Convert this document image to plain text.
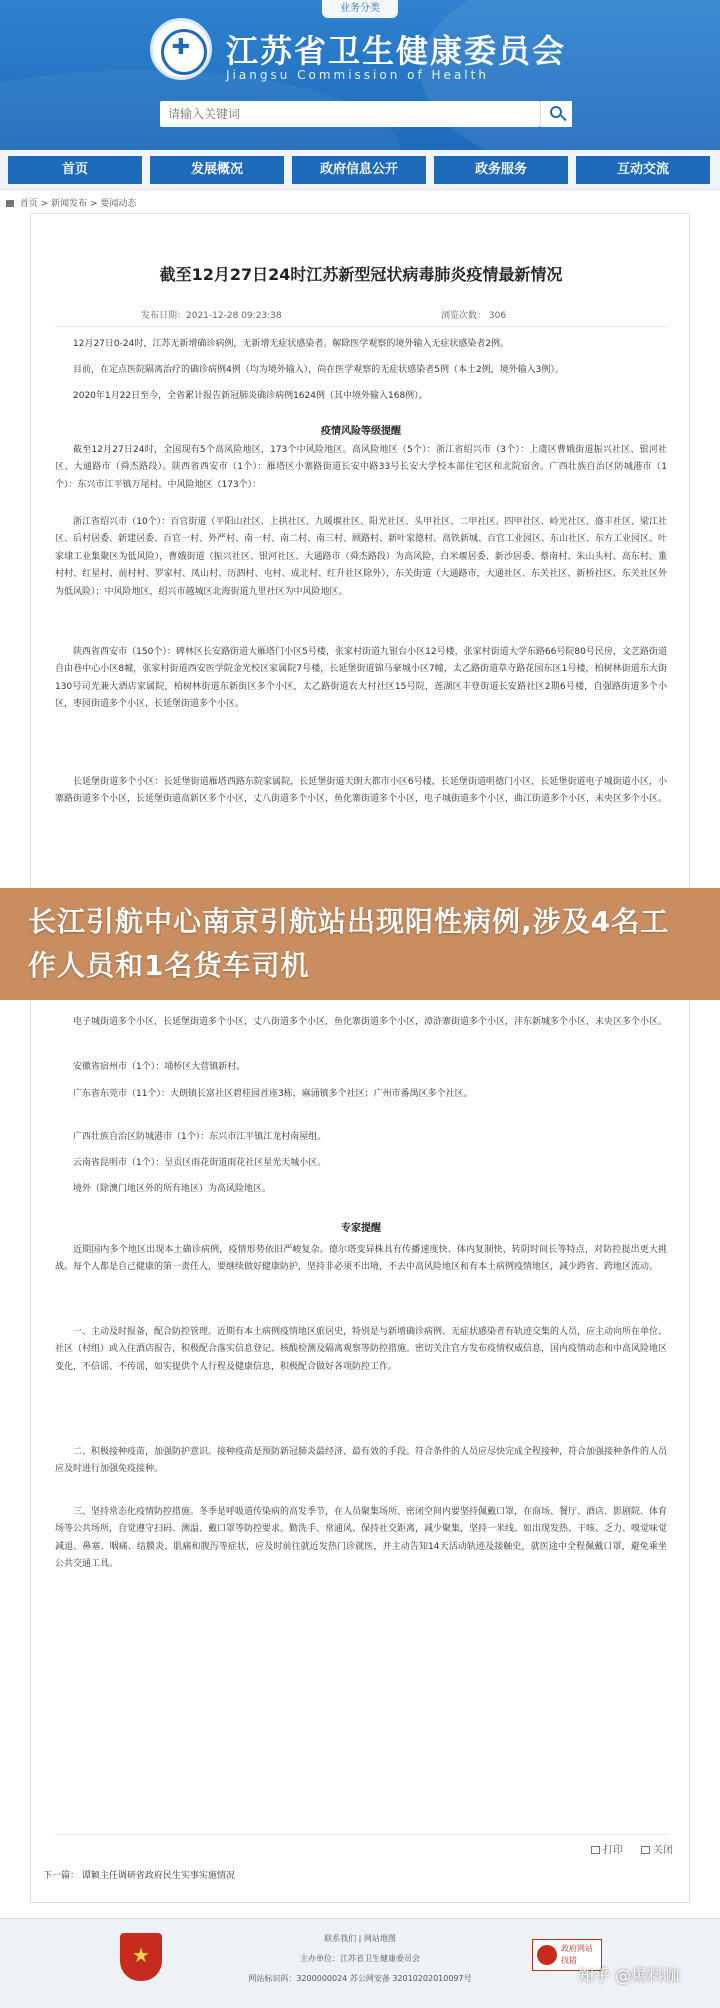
业务分类
✚
江苏省卫生健康委员会
Jiangsu Commission of Health
请输入关键词
首页	发展概况	政府信息公开	政务服务	互动交流
首页 > 新闻发布 > 要闻动态
截至12月27日24时江苏新型冠状病毒肺炎疫情最新情况
发布日期：2021-12-28 09:23:38	浏览次数： 306
12月27日0-24时，江苏无新增确诊病例，无新增无症状感染者。解除医学观察的境外输入无症状感染者2例。
目前，在定点医院隔离治疗的确诊病例4例（均为境外输入），尚在医学观察的无症状感染者5例（本土2例，境外输入3例）。
2020年1月22日至今，全省累计报告新冠肺炎确诊病例1624例（其中境外输入168例）。
疫情风险等级提醒
截至12月27日24时，全国现有5个高风险地区，173个中风险地区。高风险地区（5个）：浙江省绍兴市（3个）：上虞区曹娥街道振兴社区、银河社区、大通路市（舜杰路段）。陕西省西安市（1个）：雁塔区小寨路街道长安中路33号长安大学校本部住宅区和北院宿舍。广西壮族自治区防城港市（1个）：东兴市江平镇万尾村。中风险地区（173个）：
浙江省绍兴市（10个）：百官街道（平阳山社区、上拱社区、九暖堰社区、阳光社区、头甲社区、二甲社区、四甲社区、岭光社区、盛丰社区、梁江社区、后村居委、新建居委、百官一村、外严村、南一村、南二村、南三村、顾路村、新叶家德村、高铁新城、百官工业园区、东山社区、东方工业园区、叶家埭工业集聚区为低风险），曹娥街道（振兴社区、银河社区、大通路市（舜杰路段）为高风险，白米堰居委、新沙居委、蔡南村、朱山头村、高东村、董村村、红星村、前村村、罗家村、凤山村、历泗村、屯村、成北村、红升社区除外），东关街道（大通路市，大通社区、东关社区、新桥社区、东关社区外为低风险）；中风险地区，绍兴市越城区北海街道九里社区为中风险地区。
陕西省西安市（150个）：碑林区长安路街道大雁塔门小区5号楼，张家村街道九银台小区12号楼，张家村街道大学东路66号院80号民房，文艺路街道自由巷中心小区8幢，张家村街道西安医学院金光校区家属院7号楼，长延堡街道锦马豪城小区7幢，太乙路街道草寺路花园东区1号楼，柏树林街道东大街130号司光兼大酒店家属院，柏树林街道东新街区多个小区，太乙路街道农大村社区15号院，莲湖区丰登街道长安路社区2期6号楼，自强路街道多个小区，枣园街道多个小区，长延堡街道多个小区。
长延堡街道多个小区：长延堡街道雁塔西路东院家属院，长延堡街道天朗大都市小区6号楼，长延堡街道明德门小区，长延堡街道电子城街道小区，小寨路街道多个小区，长延堡街道高新区多个小区，丈八街道多个小区，鱼化寨街道多个小区，电子城街道多个小区，曲江街道多个小区，未央区多个小区。
电子城街道多个小区，长延堡街道多个小区，丈八街道多个小区，鱼化寨街道多个小区，漳浒寨街道多个小区，沣东新城多个小区，未央区多个小区。
安徽省宿州市（1个）：埇桥区大营镇新村。
广东省东莞市（11个）：大朗镇长富社区碧桂园首座3栋，麻涌镇多个社区；广州市番禺区多个社区。
广西壮族自治区防城港市（1个）：东兴市江平镇江龙村南屋组。
云南省昆明市（1个）：呈贡区雨花街道雨花社区星光天城小区。
境外（除澳门地区外的所有地区）为高风险地区。
专家提醒
近期国内多个地区出现本土确诊病例，疫情形势依旧严峻复杂。德尔塔变异株具有传播速度快、体内复制快、转阴时间长等特点，对防控提出更大挑战。每个人都是自己健康的第一责任人，要继续做好健康防护，坚持非必须不出境，不去中高风险地区和有本土病例疫情地区，减少跨省、跨地区流动。
一、主动及时报备，配合防控管理。近期有本土病例疫情地区旅居史，特别是与新增确诊病例、无症状感染者有轨迹交集的人员，应主动向所在单位、社区（村组）或入住酒店报告，积极配合落实信息登记、核酸检测及隔离观察等防控措施。密切关注官方发布疫情权威信息，国内疫情动态和中高风险地区变化，不信谣、不传谣，如实提供个人行程及健康信息，积极配合做好各项防控工作。
二、积极接种疫苗，加强防护意识。接种疫苗是预防新冠肺炎最经济、最有效的手段。符合条件的人员应尽快完成全程接种，符合加强接种条件的人员应及时进行加强免疫接种。
三、坚持常态化疫情防控措施。冬季是呼吸道传染病的高发季节，在人员聚集场所、密闭空间内要坚持佩戴口罩，在商场、餐厅、酒店、影剧院、体育场等公共场所，自觉遵守扫码、测温、戴口罩等防控要求。勤洗手、常通风、保持社交距离，减少聚集，坚持一米线。如出现发热、干咳、乏力、嗅觉味觉减退、鼻塞、咽痛、结膜炎、肌痛和腹泻等症状，应及时前往就近发热门诊就医，并主动告知14天活动轨迹及接触史，就医途中全程佩戴口罩，避免乘坐公共交通工具。
打印	关闭
下一篇： 谭颖主任调研省政府民生实事实施情况
长江引航中心南京引航站出现阳性病例,涉及4名工作人员和1名货车司机
★
联系我们 | 网站地图
主办单位：江苏省卫生健康委员会
网站标识码：3200000024 苏公网安备 32010202010097号
政府网站
找错
知乎 @爆料咖
